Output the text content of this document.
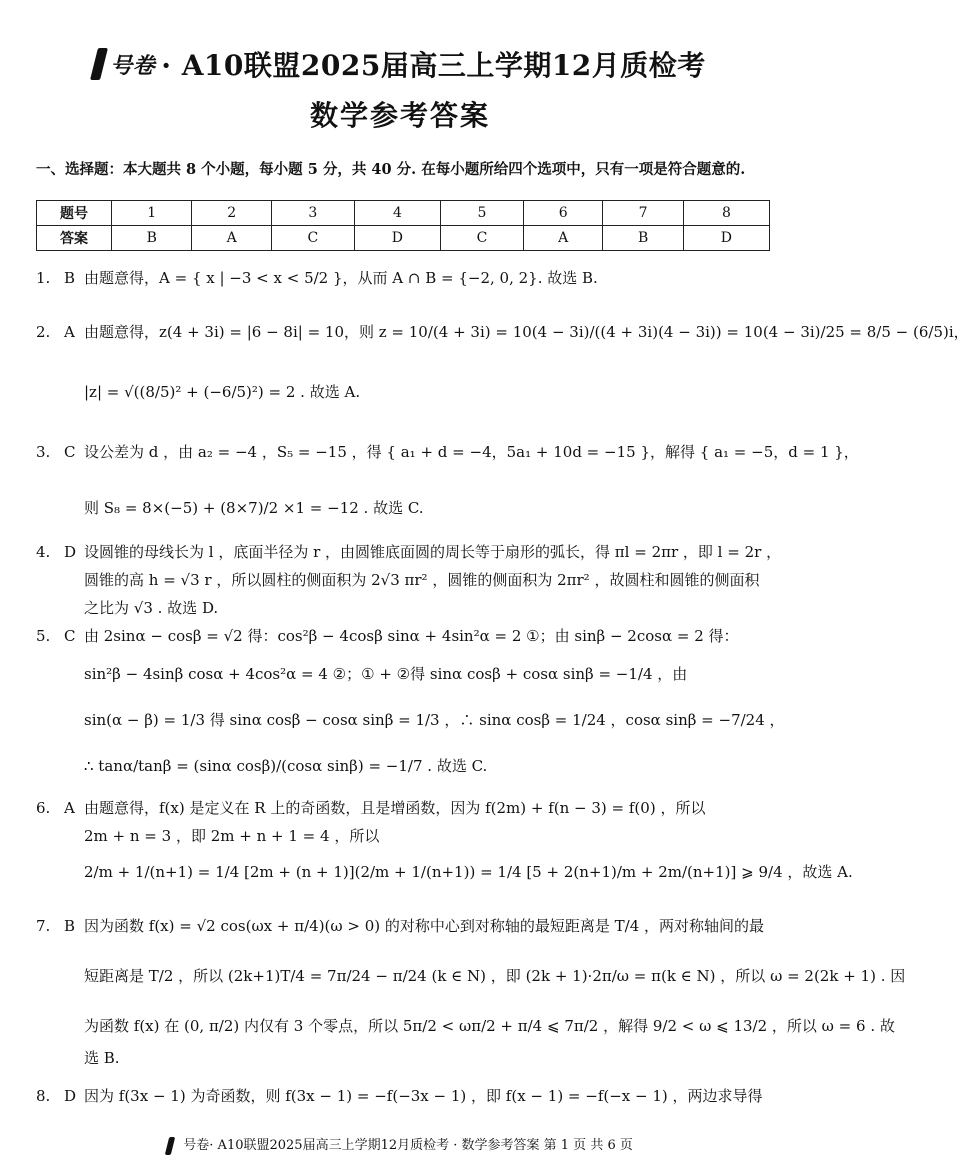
号卷 · A10联盟2025届高三上学期12月质检考
数学参考答案
一、选择题：本大题共 8 个小题，每小题 5 分，共 40 分. 在每小题所给四个选项中，只有一项是符合题意的.
题号	1	2	3	4	5	6	7	8
答案	B	A	C	D	C	A	B	D
1. B 由题意得，A = { x | −3 < x < 5/2 }，从而 A ∩ B = {−2, 0, 2}. 故选 B.
2. A 由题意得，z(4 + 3i) = |6 − 8i| = 10，则 z = 10/(4 + 3i) = 10(4 − 3i)/((4 + 3i)(4 − 3i)) = 10(4 − 3i)/25 = 8/5 − (6/5)i，
|z| = √((8/5)² + (−6/5)²) = 2 . 故选 A.
3. C 设公差为 d ，由 a₂ = −4 ，S₅ = −15 ，得 { a₁ + d = −4，5a₁ + 10d = −15 }，解得 { a₁ = −5，d = 1 }，
则 S₈ = 8×(−5) + (8×7)/2 ×1 = −12 . 故选 C.
4. D 设圆锥的母线长为 l ，底面半径为 r ，由圆锥底面圆的周长等于扇形的弧长，得 πl = 2πr ，即 l = 2r ，
圆锥的高 h = √3 r ，所以圆柱的侧面积为 2√3 πr² ，圆锥的侧面积为 2πr² ，故圆柱和圆锥的侧面积
之比为 √3 . 故选 D.
5. C 由 2sinα − cosβ = √2 得：cos²β − 4cosβ sinα + 4sin²α = 2 ①；由 sinβ − 2cosα = 2 得：
sin²β − 4sinβ cosα + 4cos²α = 4 ②；① + ②得 sinα cosβ + cosα sinβ = −1/4 ，由
sin(α − β) = 1/3 得 sinα cosβ − cosα sinβ = 1/3 ，∴ sinα cosβ = 1/24 ，cosα sinβ = −7/24 ，
∴ tanα/tanβ = (sinα cosβ)/(cosα sinβ) = −1/7 . 故选 C.
6. A 由题意得，f(x) 是定义在 R 上的奇函数，且是增函数，因为 f(2m) + f(n − 3) = f(0) ，所以
2m + n = 3 ，即 2m + n + 1 = 4 ，所以
2/m + 1/(n+1) = 1/4 [2m + (n + 1)](2/m + 1/(n+1)) = 1/4 [5 + 2(n+1)/m + 2m/(n+1)] ⩾ 9/4 ，故选 A.
7. B 因为函数 f(x) = √2 cos(ωx + π/4)(ω > 0) 的对称中心到对称轴的最短距离是 T/4 ，两对称轴间的最
短距离是 T/2 ，所以 (2k+1)T/4 = 7π/24 − π/24 (k ∈ N) ，即 (2k + 1)·2π/ω = π(k ∈ N) ，所以 ω = 2(2k + 1) . 因
为函数 f(x) 在 (0, π/2) 内仅有 3 个零点，所以 5π/2 < ωπ/2 + π/4 ⩽ 7π/2 ，解得 9/2 < ω ⩽ 13/2 ，所以 ω = 6 . 故
选 B.
8. D 因为 f(3x − 1) 为奇函数，则 f(3x − 1) = −f(−3x − 1) ，即 f(x − 1) = −f(−x − 1) ，两边求导得
号卷· A10联盟2025届高三上学期12月质检考 · 数学参考答案 第 1 页 共 6 页
